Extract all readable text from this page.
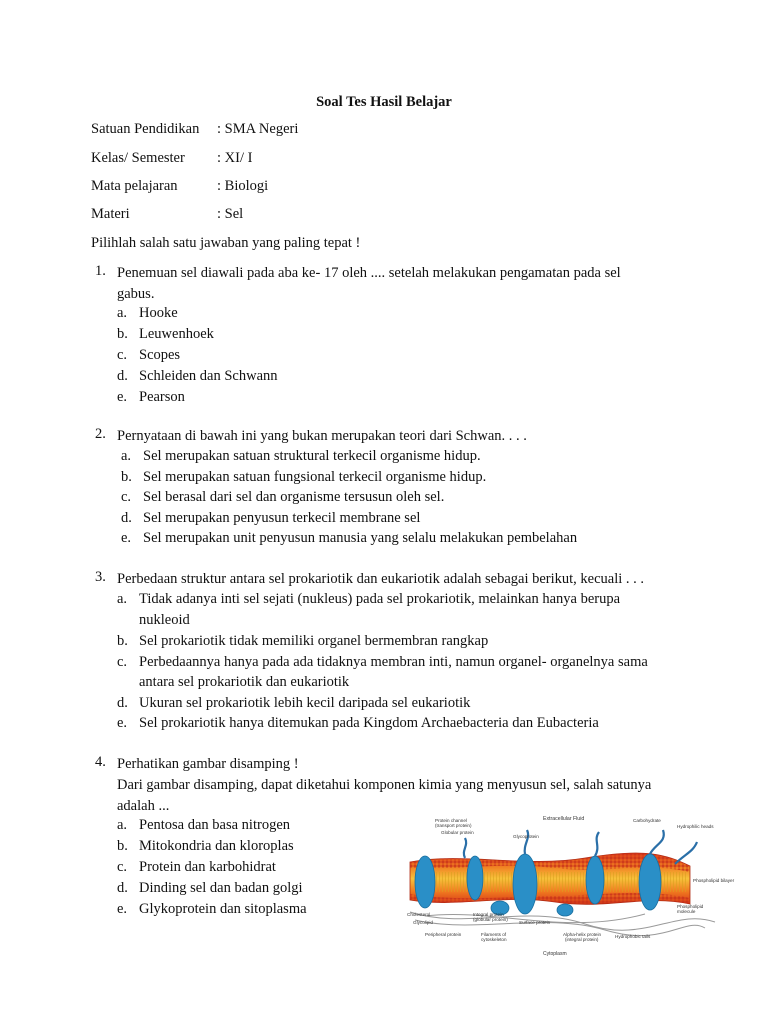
Soal Tes Hasil Belajar
Satuan Pendidikan : SMA Negeri
Kelas/ Semester : XI/ I
Mata pelajaran	: Biologi
Materi	: Sel
Pilihlah salah satu jawaban yang paling tepat !
1. Penemuan sel diawali pada aba ke- 17 oleh .... setelah melakukan pengamatan pada sel
gabus.
a. Hooke
b. Leuwenhoek
c. Scopes
d. Schleiden dan Schwann
e. Pearson
2. Pernyataan di bawah ini yang bukan merupakan teori dari Schwan. . . .
a. Sel merupakan satuan struktural terkecil organisme hidup.
b. Sel merupakan satuan fungsional terkecil organisme hidup.
c. Sel berasal dari sel dan organisme tersusun oleh sel.
d. Sel merupakan penyusun terkecil membrane sel
e. Sel merupakan unit penyusun manusia yang selalu melakukan pembelahan
3. Perbedaan struktur antara sel prokariotik dan eukariotik adalah sebagai berikut, kecuali . . .
a. Tidak adanya inti sel sejati (nukleus) pada sel prokariotik, melainkan hanya berupa
nukleoid
b. Sel prokariotik tidak memiliki organel bermembran rangkap
c. Perbedaannya hanya pada ada tidaknya membran inti, namun organel- organelnya sama
antara sel prokariotik dan eukariotik
d. Ukuran sel prokariotik lebih kecil daripada sel eukariotik
e. Sel prokariotik hanya ditemukan pada Kingdom Archaebacteria dan Eubacteria
4. Perhatikan gambar disamping !
Dari gambar disamping, dapat diketahui komponen kimia yang menyusun sel, salah satunya
adalah ...
a. Pentosa dan basa nitrogen
b. Mitokondria dan kloroplas
c. Protein dan karbohidrat
d. Dinding sel dan badan golgi
e. Glykoprotein dan sitoplasma
Extracellular Fluid
Protein channel
(transport protein)
Globular protein
Glycoprotein
Carbohydrate
Hydrophilic heads
Phospholipid bilayer
Phospholipid
molecule
Cholesterol
Glycolipid
Integral protein
(globular protein)
Surface protein
Peripheral protein	Filaments of
cytoskeleton
Alpha-helix protein
(integral protein)
Hydrophobic tails
Cytoplasm
